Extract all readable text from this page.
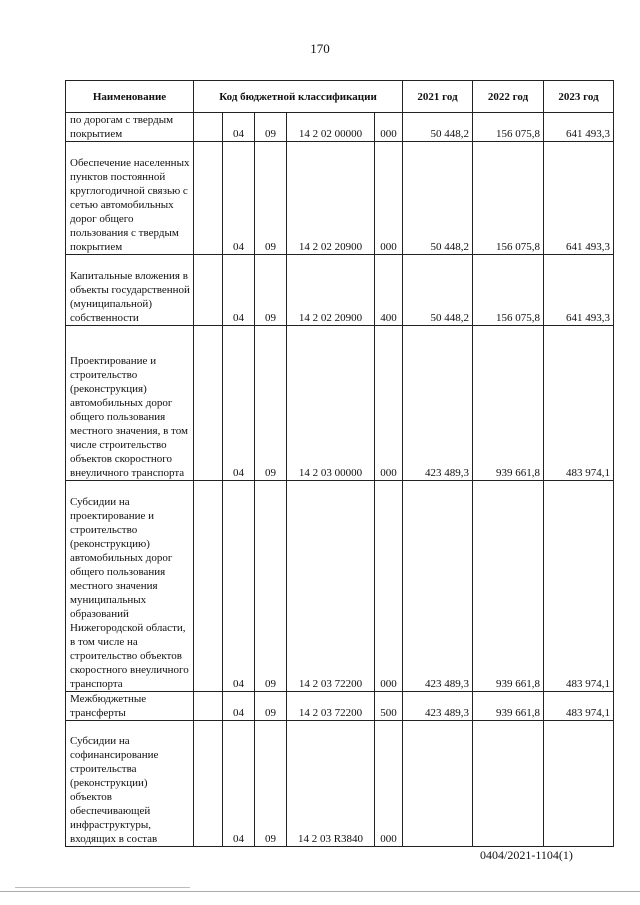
170
Наименование	Код бюджетной классификации					2021 год	2022 год	2023 год
по дорогам с твердым покрытием		04	09	14 2 02 00000	000	50 448,2	156 075,8	641 493,3
Обеспечение населенных пунктов постоянной круглогодичной связью с сетью автомобильных дорог общего пользования с твердым покрытием		04	09	14 2 02 20900	000	50 448,2	156 075,8	641 493,3
Капитальные вложения в объекты государственной (муниципальной) собственности		04	09	14 2 02 20900	400	50 448,2	156 075,8	641 493,3
Проектирование и строительство (реконструкция) автомобильных дорог общего пользования местного значения, в том числе строительство объектов скоростного внеуличного транспорта		04	09	14 2 03 00000	000	423 489,3	939 661,8	483 974,1
Субсидии на проектирование и строительство (реконструкцию) автомобильных дорог общего пользования местного значения муниципальных образований Нижегородской области, в том числе на строительство объектов скоростного внеуличного транспорта		04	09	14 2 03 72200	000	423 489,3	939 661,8	483 974,1
Межбюджетные трансферты		04	09	14 2 03 72200	500	423 489,3	939 661,8	483 974,1
Субсидии на софинансирование строительства (реконструкции) объектов обеспечивающей инфраструктуры, входящих в состав		04	09	14 2 03 R3840	000			
0404/2021-1104(1)
